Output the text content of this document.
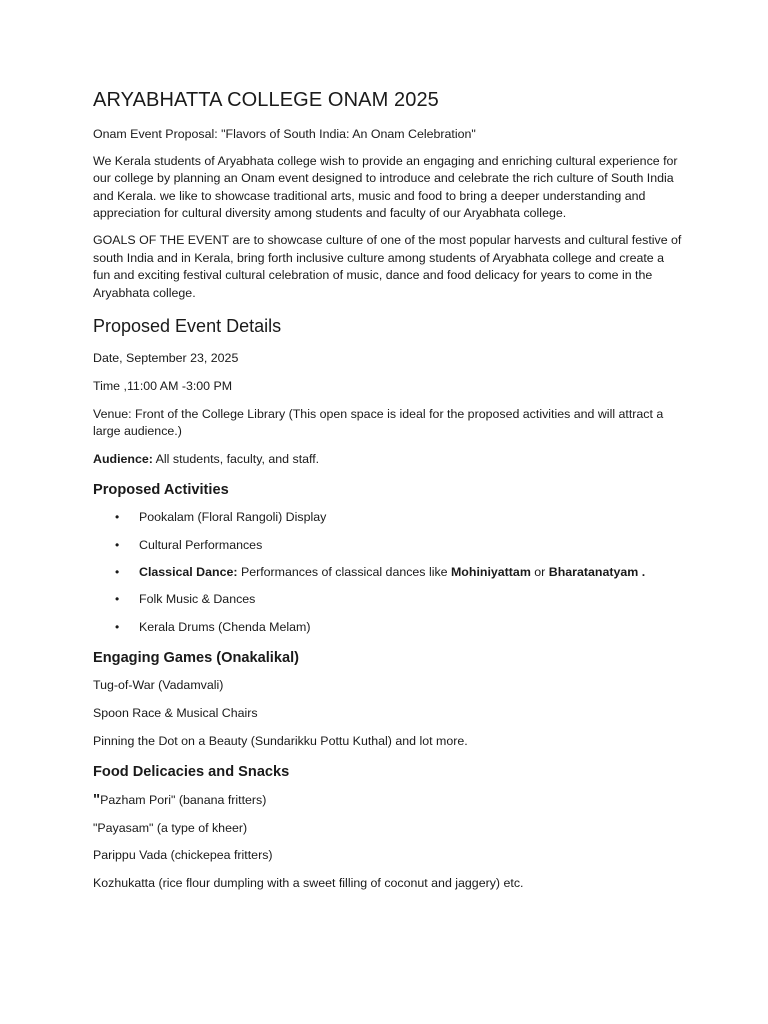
ARYABHATTA COLLEGE ONAM 2025

Onam Event Proposal: "Flavors of South India: An Onam Celebration"

We Kerala students of Aryabhata college wish to provide an engaging and enriching cultural experience for our college by planning an Onam event designed to introduce and celebrate the rich culture of South India and Kerala. we like to showcase traditional arts, music and food to bring a deeper understanding and appreciation for cultural diversity among students and faculty of our Aryabhata college.

GOALS OF THE EVENT are to showcase culture of one of the most popular harvests and cultural festive of south India and in Kerala, bring forth inclusive culture among students of Aryabhata college and create a fun and exciting festival cultural celebration of music, dance and food delicacy for years to come in the Aryabhata college.

Proposed Event Details

Date, September 23, 2025

Time ,11:00 AM -3:00 PM

Venue: Front of the College Library (This open space is ideal for the proposed activities and will attract a large audience.)

Audience: All students, faculty, and staff.

Proposed Activities
• Pookalam (Floral Rangoli) Display
• Cultural Performances
• Classical Dance: Performances of classical dances like Mohiniyattam or Bharatanatyam .
• Folk Music & Dances
• Kerala Drums (Chenda Melam)
Engaging Games (Onakalikal)

Tug-of-War (Vadamvali)

Spoon Race & Musical Chairs

Pinning the Dot on a Beauty (Sundarikku Pottu Kuthal) and lot more.

Food Delicacies and Snacks

"Pazham Pori" (banana fritters)

"Payasam" (a type of kheer)

Parippu Vada (chickepea fritters)

Kozhukatta (rice flour dumpling with a sweet filling of coconut and jaggery) etc.
